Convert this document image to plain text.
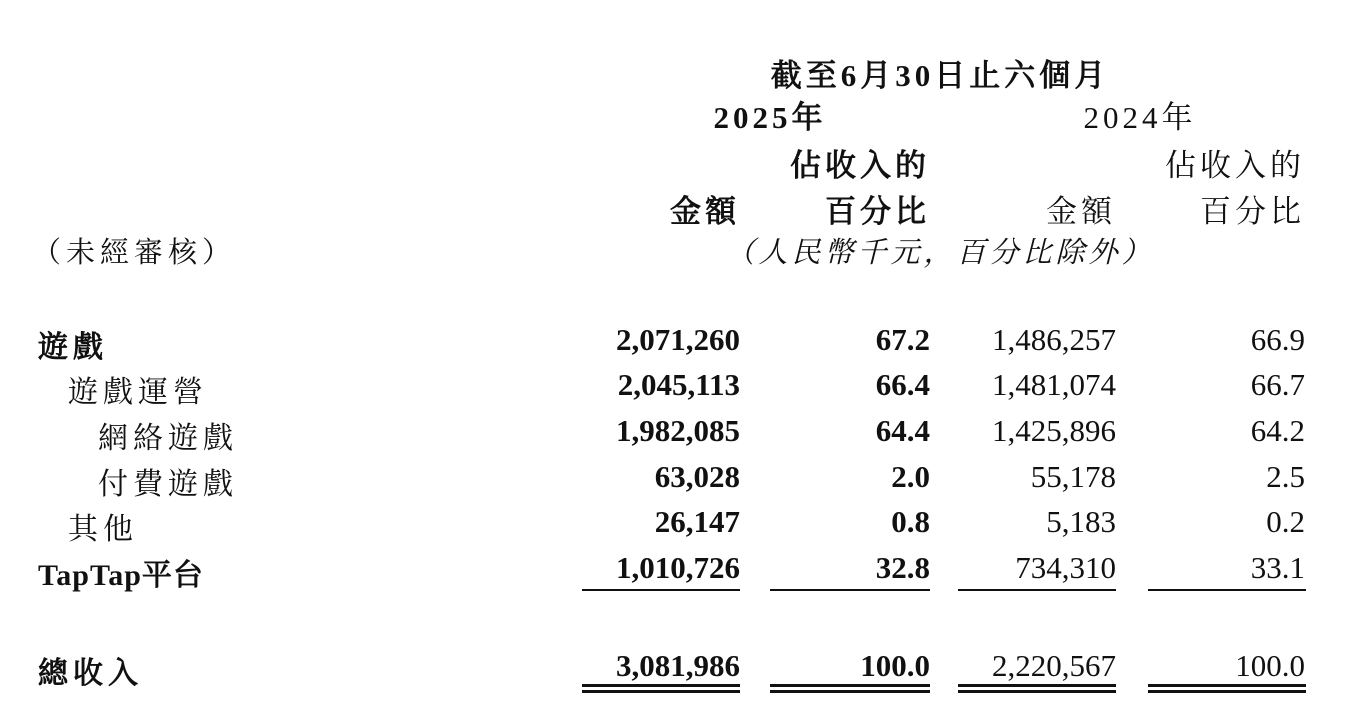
截至6月30日止六個月
2025年	2024年
佔收入的	佔收入的
金額	百分比	金額	百分比
（未經審核）	（人民幣千元，百分比除外）
遊戲	2,071,260	67.2	1,486,257	66.9
遊戲運營	2,045,113	66.4	1,481,074	66.7
網絡遊戲	1,982,085	64.4	1,425,896	64.2
付費遊戲	63,028	2.0	55,178	2.5
其他	26,147	0.8	5,183	0.2
TapTap平台	1,010,726	32.8	734,310	33.1
總收入	3,081,986	100.0	2,220,567	100.0
